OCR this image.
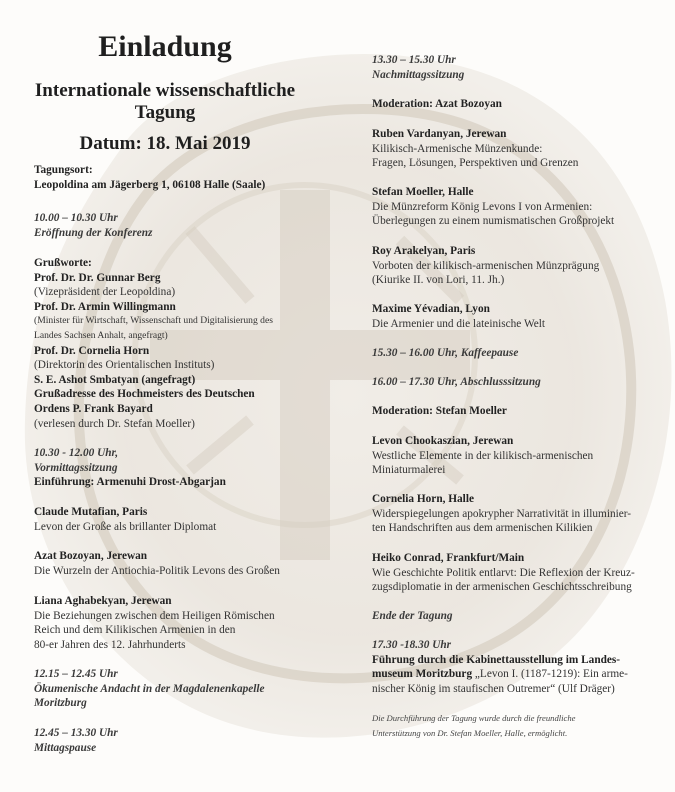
Einladung
Internationale wissenschaftliche
Tagung
Datum: 18. Mai 2019
Tagungsort:
Leopoldina am Jägerberg 1, 06108 Halle (Saale)
10.00 – 10.30 Uhr
Eröffnung der Konferenz
Grußworte:
Prof. Dr. Dr. Gunnar Berg
(Vizepräsident der Leopoldina)
Prof. Dr. Armin Willingmann
(Minister für Wirtschaft, Wissenschaft und Digitalisierung des
Landes Sachsen Anhalt, angefragt)
Prof. Dr. Cornelia Horn
(Direktorin des Orientalischen Instituts)
S. E. Ashot Smbatyan (angefragt)
Grußadresse des Hochmeisters des Deutschen
Ordens P. Frank Bayard
(verlesen durch Dr. Stefan Moeller)
10.30 - 12.00 Uhr,
Vormittagssitzung
Einführung: Armenuhi Drost-Abgarjan
Claude Mutafian, Paris
Levon der Große als brillanter Diplomat
Azat Bozoyan, Jerewan
Die Wurzeln der Antiochia-Politik Levons des Großen
Liana Aghabekyan, Jerewan
Die Beziehungen zwischen dem Heiligen Römischen
Reich und dem Kilikischen Armenien in den
80-er Jahren des 12. Jahrhunderts
12.15 – 12.45 Uhr
Ökumenische Andacht in der Magdalenenkapelle
Moritzburg
12.45 – 13.30 Uhr
Mittagspause
13.30 – 15.30 Uhr
Nachmittagssitzung
Moderation: Azat Bozoyan
Ruben Vardanyan, Jerewan
Kilikisch-Armenische Münzenkunde:
Fragen, Lösungen, Perspektiven und Grenzen
Stefan Moeller, Halle
Die Münzreform König Levons I von Armenien:
Überlegungen zu einem numismatischen Großprojekt
Roy Arakelyan, Paris
Vorboten der kilikisch-armenischen Münzprägung
(Kiurike II. von Lori, 11. Jh.)
Maxime Yévadian, Lyon
Die Armenier und die lateinische Welt
15.30 – 16.00 Uhr, Kaffeepause
16.00 – 17.30 Uhr, Abschlusssitzung
Moderation: Stefan Moeller
Levon Chookaszian, Jerewan
Westliche Elemente in der kilikisch-armenischen
Miniaturmalerei
Cornelia Horn, Halle
Widerspiegelungen apokrypher Narrativität in illuminier-
ten Handschriften aus dem armenischen Kilikien
Heiko Conrad, Frankfurt/Main
Wie Geschichte Politik entlarvt: Die Reflexion der Kreuz-
zugsdiplomatie in der armenischen Geschichtsschreibung
Ende der Tagung
17.30 -18.30 Uhr
Führung durch die Kabinettausstellung im Landes-
museum Moritzburg „Levon I. (1187-1219): Ein arme-
nischer König im staufischen Outremer“ (Ulf Dräger)
Die Durchführung der Tagung wurde durch die freundliche
Unterstützung von Dr. Stefan Moeller, Halle, ermöglicht.
